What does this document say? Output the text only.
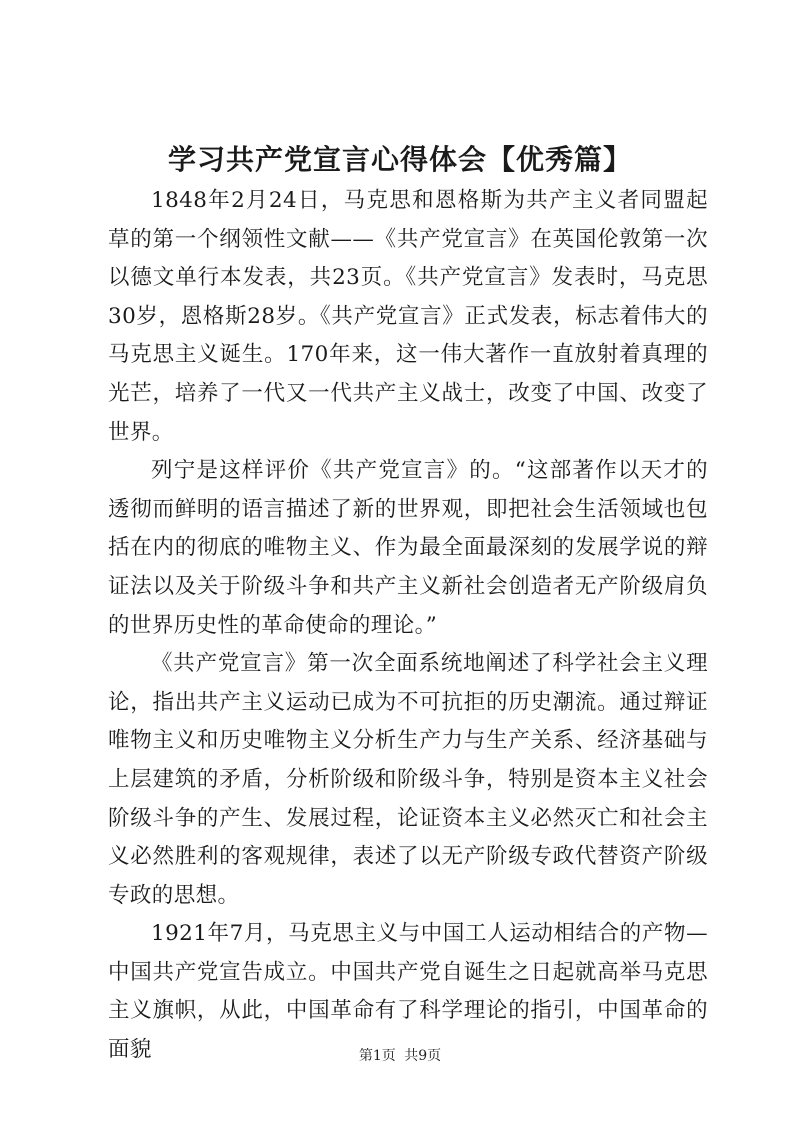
学习共产党宣言心得体会【优秀篇】

1848年2月24日，马克思和恩格斯为共产主义者同盟起草的第一个纲领性文献——《共产党宣言》在英国伦敦第一次以德文单行本发表，共23页。《共产党宣言》发表时，马克思30岁，恩格斯28岁。《共产党宣言》正式发表，标志着伟大的马克思主义诞生。170年来，这一伟大著作一直放射着真理的光芒，培养了一代又一代共产主义战士，改变了中国、改变了世界。

列宁是这样评价《共产党宣言》的。“这部著作以天才的透彻而鲜明的语言描述了新的世界观，即把社会生活领域也包括在内的彻底的唯物主义、作为最全面最深刻的发展学说的辩证法以及关于阶级斗争和共产主义新社会创造者无产阶级肩负的世界历史性的革命使命的理论。”

《共产党宣言》第一次全面系统地阐述了科学社会主义理论，指出共产主义运动已成为不可抗拒的历史潮流。通过辩证唯物主义和历史唯物主义分析生产力与生产关系、经济基础与上层建筑的矛盾，分析阶级和阶级斗争，特别是资本主义社会阶级斗争的产生、发展过程，论证资本主义必然灭亡和社会主义必然胜利的客观规律，表述了以无产阶级专政代替资产阶级专政的思想。

1921年7月，马克思主义与中国工人运动相结合的产物—中国共产党宣告成立。中国共产党自诞生之日起就高举马克思主义旗帜，从此，中国革命有了科学理论的指引，中国革命的面貌	第1页 共9页
